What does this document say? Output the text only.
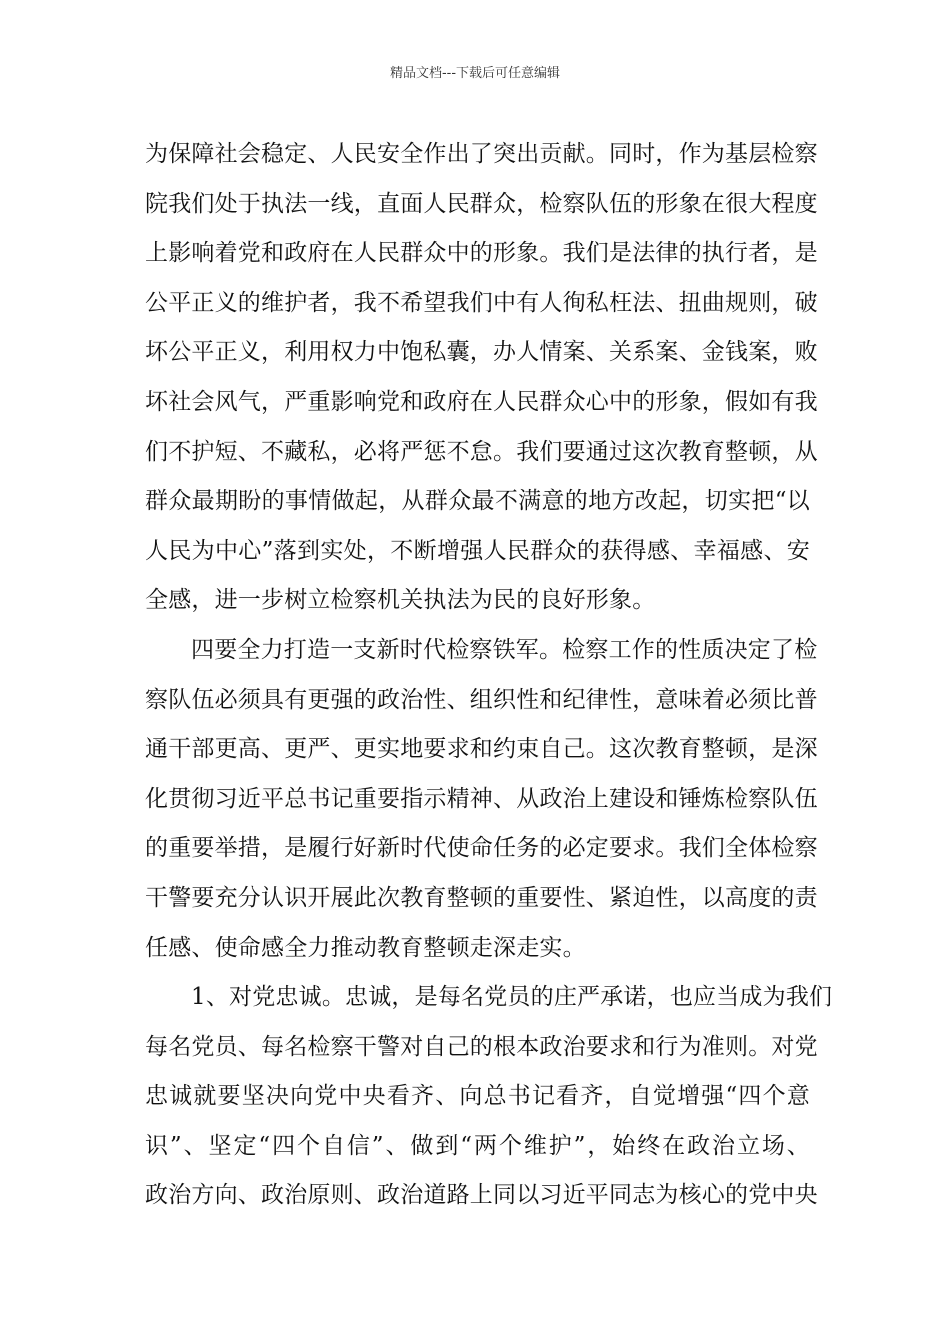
精品文档---下载后可任意编辑
为保障社会稳定、人民安全作出了突出贡献。同时，作为基层检察
院我们处于执法一线，直面人民群众，检察队伍的形象在很大程度
上影响着党和政府在人民群众中的形象。我们是法律的执行者，是
公平正义的维护者，我不希望我们中有人徇私枉法、扭曲规则，破
坏公平正义，利用权力中饱私囊，办人情案、关系案、金钱案，败
坏社会风气，严重影响党和政府在人民群众心中的形象，假如有我
们不护短、不藏私，必将严惩不怠。我们要通过这次教育整顿，从
群众最期盼的事情做起，从群众最不满意的地方改起，切实把“以
人民为中心”落到实处，不断增强人民群众的获得感、幸福感、安
全感，进一步树立检察机关执法为民的良好形象。
四要全力打造一支新时代检察铁军。检察工作的性质决定了检
察队伍必须具有更强的政治性、组织性和纪律性，意味着必须比普
通干部更高、更严、更实地要求和约束自己。这次教育整顿，是深
化贯彻习近平总书记重要指示精神、从政治上建设和锤炼检察队伍
的重要举措，是履行好新时代使命任务的必定要求。我们全体检察
干警要充分认识开展此次教育整顿的重要性、紧迫性，以高度的责
任感、使命感全力推动教育整顿走深走实。
1、对党忠诚。忠诚，是每名党员的庄严承诺，也应当成为我们
每名党员、每名检察干警对自己的根本政治要求和行为准则。对党
忠诚就要坚决向党中央看齐、向总书记看齐，自觉增强“四个意
识”、坚定“四个自信”、做到“两个维护”，始终在政治立场、
政治方向、政治原则、政治道路上同以习近平同志为核心的党中央
